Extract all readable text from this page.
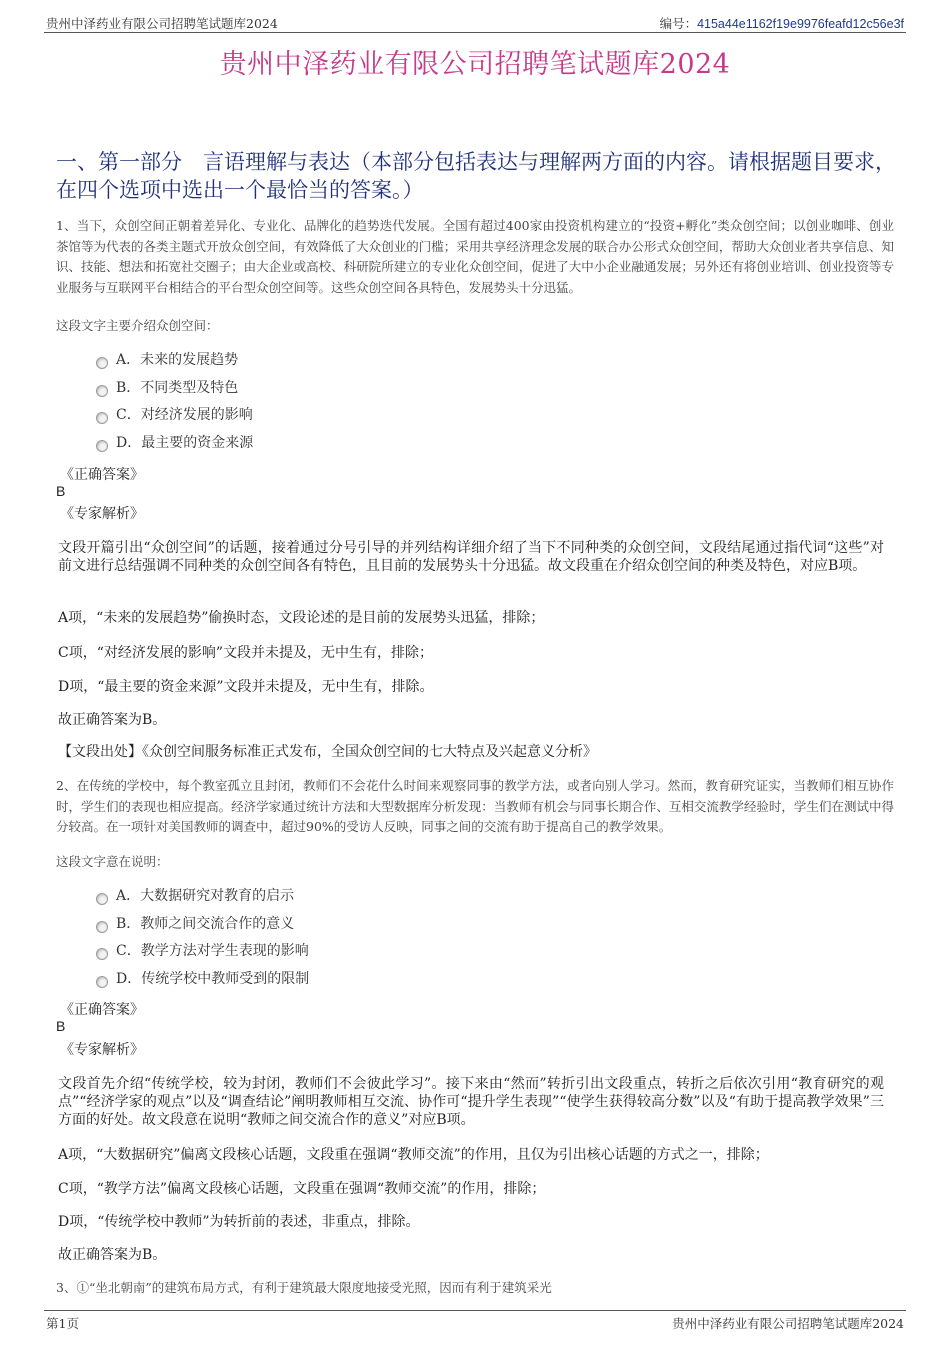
贵州中泽药业有限公司招聘笔试题库2024	编号：415a44e1162f19e9976feafd12c56e3f
贵州中泽药业有限公司招聘笔试题库2024
一、第一部分　言语理解与表达（本部分包括表达与理解两方面的内容。请根据题目要求，在四个选项中选出一个最恰当的答案。）
1、当下，众创空间正朝着差异化、专业化、品牌化的趋势迭代发展。全国有超过400家由投资机构建立的“投资+孵化”类众创空间；以创业咖啡、创业茶馆等为代表的各类主题式开放众创空间，有效降低了大众创业的门槛；采用共享经济理念发展的联合办公形式众创空间，帮助大众创业者共享信息、知识、技能、想法和拓宽社交圈子；由大企业或高校、科研院所建立的专业化众创空间，促进了大中小企业融通发展；另外还有将创业培训、创业投资等专业服务与互联网平台相结合的平台型众创空间等。这些众创空间各具特色，发展势头十分迅猛。
这段文字主要介绍众创空间：
A．未来的发展趋势
B．不同类型及特色
C．对经济发展的影响
D．最主要的资金来源
《正确答案》
B
《专家解析》
文段开篇引出“众创空间”的话题，接着通过分号引导的并列结构详细介绍了当下不同种类的众创空间，文段结尾通过指代词“这些”对前文进行总结强调不同种类的众创空间各有特色，且目前的发展势头十分迅猛。故文段重在介绍众创空间的种类及特色，对应B项。
A项，“未来的发展趋势”偷换时态，文段论述的是目前的发展势头迅猛，排除；
C项，“对经济发展的影响”文段并未提及，无中生有，排除；
D项，“最主要的资金来源”文段并未提及，无中生有，排除。
故正确答案为B。
【文段出处】《众创空间服务标准正式发布，全国众创空间的七大特点及兴起意义分析》
2、在传统的学校中，每个教室孤立且封闭，教师们不会花什么时间来观察同事的教学方法，或者向别人学习。然而，教育研究证实，当教师们相互协作时，学生们的表现也相应提高。经济学家通过统计方法和大型数据库分析发现：当教师有机会与同事长期合作、互相交流教学经验时，学生们在测试中得分较高。在一项针对美国教师的调查中，超过90%的受访人反映，同事之间的交流有助于提高自己的教学效果。
这段文字意在说明：
A．大数据研究对教育的启示
B．教师之间交流合作的意义
C．教学方法对学生表现的影响
D．传统学校中教师受到的限制
《正确答案》
B
《专家解析》
文段首先介绍“传统学校，较为封闭，教师们不会彼此学习”。接下来由“然而”转折引出文段重点，转折之后依次引用“教育研究的观点”“经济学家的观点”以及“调查结论”阐明教师相互交流、协作可“提升学生表现”“使学生获得较高分数”以及“有助于提高教学效果”三方面的好处。故文段意在说明“教师之间交流合作的意义”对应B项。
A项，“大数据研究”偏离文段核心话题，文段重在强调“教师交流”的作用，且仅为引出核心话题的方式之一，排除；
C项，“教学方法”偏离文段核心话题，文段重在强调“教师交流”的作用，排除；
D项，“传统学校中教师”为转折前的表述，非重点，排除。
故正确答案为B。
3、①“坐北朝南”的建筑布局方式，有利于建筑最大限度地接受光照，因而有利于建筑采光
第1页	贵州中泽药业有限公司招聘笔试题库2024
